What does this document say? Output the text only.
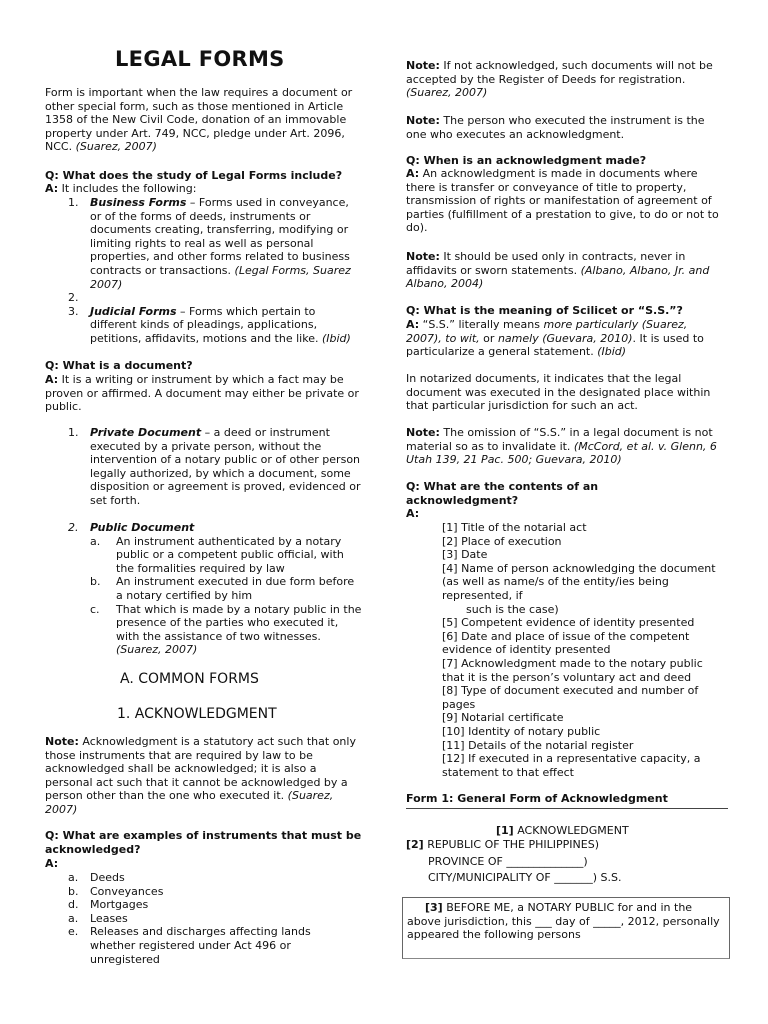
LEGAL FORMS

Form is important when the law requires a document or other special form, such as those mentioned in Article 1358 of the New Civil Code, donation of an immovable property under Art. 749, NCC, pledge under Art. 2096, NCC. (Suarez, 2007)

Q: What does the study of Legal Forms include?

A: It includes the following:

1.	Business Forms – Forms used in conveyance, or of the forms of deeds, instruments or documents creating, transferring, modifying or limiting rights to real as well as personal properties, and other forms related to business contracts or transactions. (Legal Forms, Suarez 2007)
2.
3.	Judicial Forms – Forms which pertain to different kinds of pleadings, applications, petitions, affidavits, motions and the like. (Ibid)

Q: What is a document?

A: It is a writing or instrument by which a fact may be proven or affirmed. A document may either be private or public.

1.	Private Document – a deed or instrument executed by a private person, without the intervention of a notary public or of other person legally authorized, by which a document, some disposition or agreement is proved, evidenced or set forth.
2.	Public Document
a.	An instrument authenticated by a notary public or a competent public official, with the formalities required by law
b.	An instrument executed in due form before a notary certified by him
c.	That which is made by a notary public in the presence of the parties who executed it, with the assistance of two witnesses.
(Suarez, 2007)
A. COMMON FORMS
1. ACKNOWLEDGMENT

Note: Acknowledgment is a statutory act such that only those instruments that are required by law to be acknowledged shall be acknowledged; it is also a personal act such that it cannot be acknowledged by a person other than the one who executed it. (Suarez, 2007)

Q: What are examples of instruments that must be acknowledged?

A:

a.	Deeds
b.	Conveyances
d.	Mortgages
a.	Leases
e.	Releases and discharges affecting lands whether registered under Act 496 or unregistered

Note: If not acknowledged, such documents will not be accepted by the Register of Deeds for registration.
(Suarez, 2007)

Note: The person who executed the instrument is the one who executes an acknowledgment.

Q: When is an acknowledgment made?

A: An acknowledgment is made in documents where there is transfer or conveyance of title to property, transmission of rights or manifestation of agreement of parties (fulfillment of a prestation to give, to do or not to do).

Note: It should be used only in contracts, never in affidavits or sworn statements. (Albano, Albano, Jr. and Albano, 2004)

Q: What is the meaning of Scilicet or “S.S.”?

A: “S.S.” literally means more particularly (Suarez, 2007), to wit, or namely (Guevara, 2010). It is used to particularize a general statement. (Ibid)

In notarized documents, it indicates that the legal document was executed in the designated place within that particular jurisdiction for such an act.

Note: The omission of “S.S.” in a legal document is not material so as to invalidate it. (McCord, et al. v. Glenn, 6 Utah 139, 21 Pac. 500; Guevara, 2010)

Q: What are the contents of an acknowledgment?

A:

[1] Title of the notarial act
[2] Place of execution
[3] Date
[4] Name of person acknowledging the document (as well as name/s of the entity/ies being represented, if
such is the case)
[5] Competent evidence of identity presented
[6] Date and place of issue of the competent evidence of identity presented
[7] Acknowledgment made to the notary public that it is the person’s voluntary act and deed
[8] Type of document executed and number of pages
[9] Notarial certificate
[10] Identity of notary public
[11] Details of the notarial register
[12] If executed in a representative capacity, a statement to that effect
Form 1: General Form of Acknowledgment
[1] ACKNOWLEDGMENT
[2] REPUBLIC OF THE PHILIPPINES)
PROVINCE OF ______________)
CITY/MUNICIPALITY OF _______) S.S.
[3] BEFORE ME, a NOTARY PUBLIC for and in the above jurisdiction, this ___ day of _____, 2012, personally appeared the following persons
